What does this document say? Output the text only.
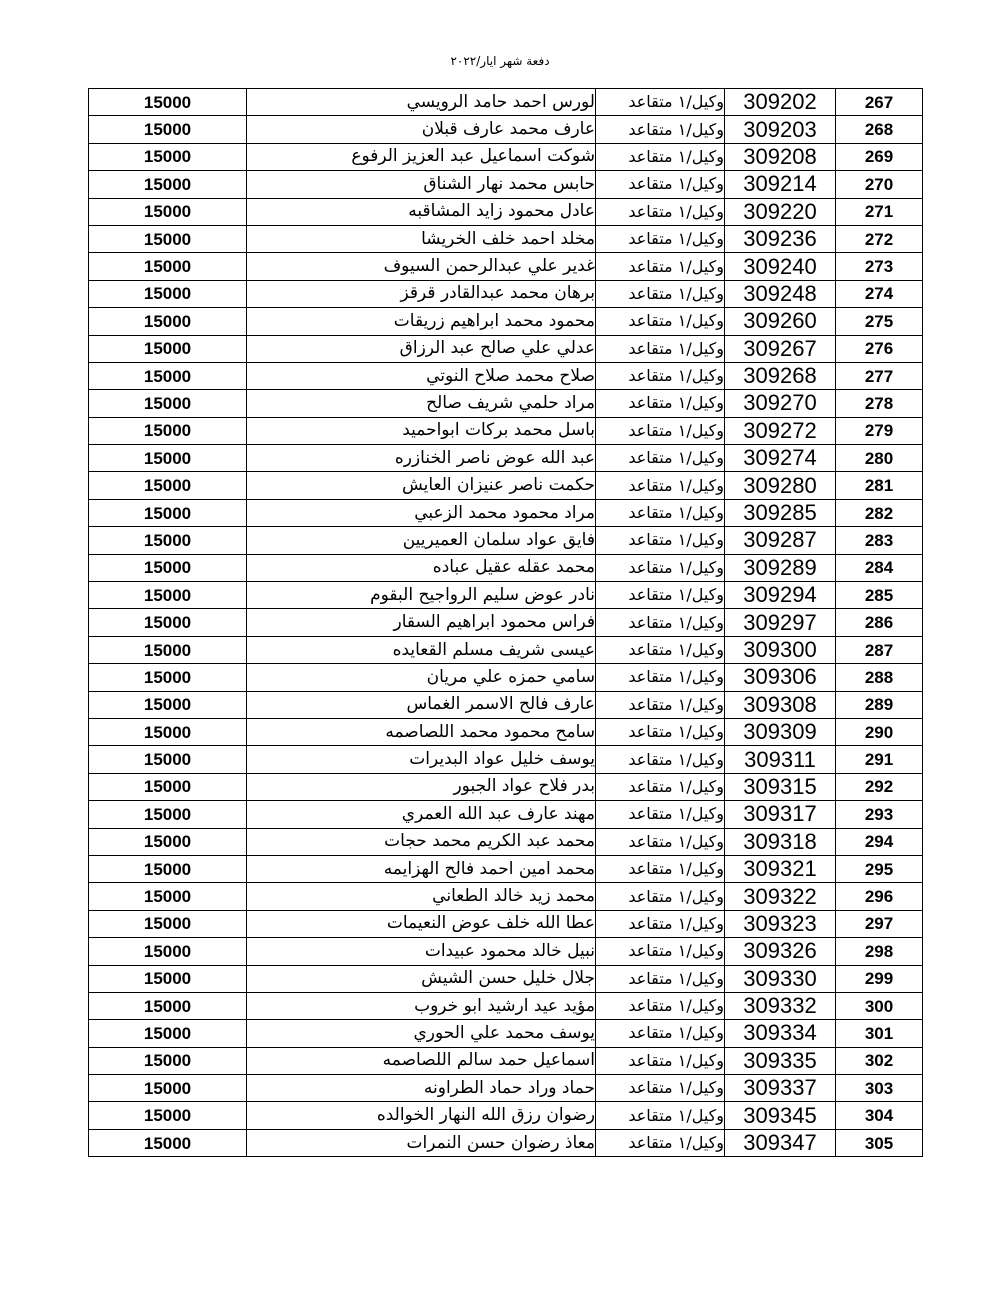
دفعة شهر ايار/٢٠٢٢
15000	لورس احمد حامد الرويسي	وكيل/١ متقاعد	309202	267
15000	عارف محمد عارف قبلان	وكيل/١ متقاعد	309203	268
15000	شوكت اسماعيل عبد العزيز الرفوع	وكيل/١ متقاعد	309208	269
15000	حابس محمد نهار الشناق	وكيل/١ متقاعد	309214	270
15000	عادل محمود زايد المشاقبه	وكيل/١ متقاعد	309220	271
15000	مخلد احمد خلف الخريشا	وكيل/١ متقاعد	309236	272
15000	غدير علي عبدالرحمن السيوف	وكيل/١ متقاعد	309240	273
15000	برهان محمد عبدالقادر قرقز	وكيل/١ متقاعد	309248	274
15000	محمود محمد ابراهيم زريقات	وكيل/١ متقاعد	309260	275
15000	عدلي علي صالح عبد الرزاق	وكيل/١ متقاعد	309267	276
15000	صلاح محمد صلاح النوتي	وكيل/١ متقاعد	309268	277
15000	مراد حلمي شريف صالح	وكيل/١ متقاعد	309270	278
15000	باسل محمد بركات ابواحميد	وكيل/١ متقاعد	309272	279
15000	عبد الله عوض ناصر الخنازره	وكيل/١ متقاعد	309274	280
15000	حكمت ناصر عنيزان العايش	وكيل/١ متقاعد	309280	281
15000	مراد محمود محمد الزعبي	وكيل/١ متقاعد	309285	282
15000	فايق عواد سلمان العميريين	وكيل/١ متقاعد	309287	283
15000	محمد عقله عقيل عباده	وكيل/١ متقاعد	309289	284
15000	نادر عوض سليم الرواجيح البقوم	وكيل/١ متقاعد	309294	285
15000	فراس محمود ابراهيم السقار	وكيل/١ متقاعد	309297	286
15000	عيسى شريف مسلم القعايده	وكيل/١ متقاعد	309300	287
15000	سامي حمزه علي مريان	وكيل/١ متقاعد	309306	288
15000	عارف فالح الاسمر الغماس	وكيل/١ متقاعد	309308	289
15000	سامح محمود محمد اللصاصمه	وكيل/١ متقاعد	309309	290
15000	يوسف خليل عواد البديرات	وكيل/١ متقاعد	309311	291
15000	بدر فلاح عواد الجبور	وكيل/١ متقاعد	309315	292
15000	مهند عارف عبد الله العمري	وكيل/١ متقاعد	309317	293
15000	محمد عبد الكريم محمد حجات	وكيل/١ متقاعد	309318	294
15000	محمد امين احمد فالح الهزايمه	وكيل/١ متقاعد	309321	295
15000	محمد زيد خالد الطعاني	وكيل/١ متقاعد	309322	296
15000	عطا الله خلف عوض النعيمات	وكيل/١ متقاعد	309323	297
15000	نبيل خالد محمود عبيدات	وكيل/١ متقاعد	309326	298
15000	جلال خليل حسن الشيش	وكيل/١ متقاعد	309330	299
15000	مؤيد عيد ارشيد ابو خروب	وكيل/١ متقاعد	309332	300
15000	يوسف محمد علي الحوري	وكيل/١ متقاعد	309334	301
15000	اسماعيل حمد سالم اللصاصمه	وكيل/١ متقاعد	309335	302
15000	حماد وراد حماد الطراونه	وكيل/١ متقاعد	309337	303
15000	رضوان رزق الله النهار الخوالده	وكيل/١ متقاعد	309345	304
15000	معاذ رضوان حسن النمرات	وكيل/١ متقاعد	309347	305
